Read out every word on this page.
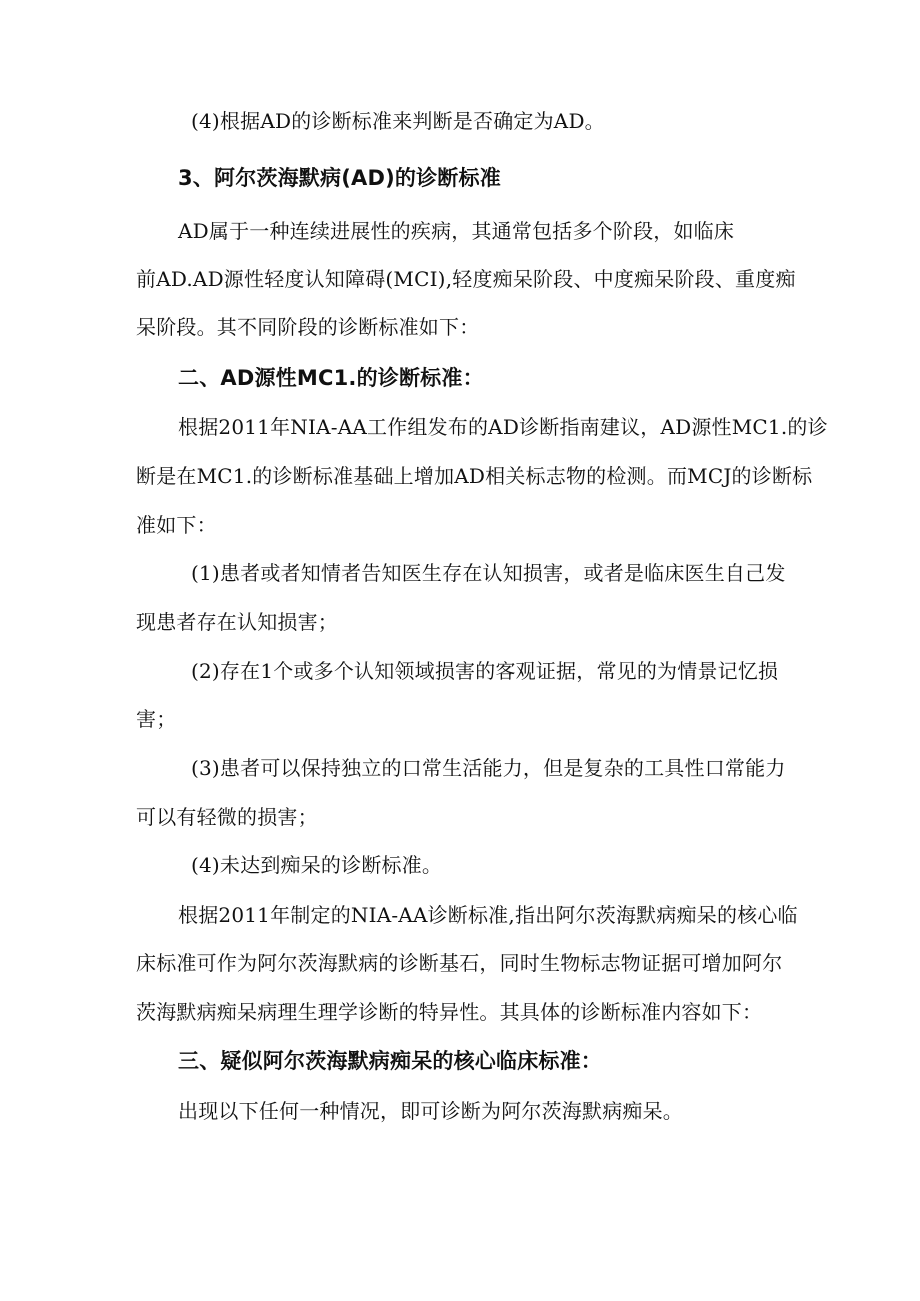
(4)根据AD的诊断标准来判断是否确定为AD。
3、阿尔茨海默病(AD)的诊断标准
AD属于一种连续进展性的疾病，其通常包括多个阶段，如临床
前AD.AD源性轻度认知障碍(MCI),轻度痴呆阶段、中度痴呆阶段、重度痴
呆阶段。其不同阶段的诊断标准如下：
二、AD源性MC1.的诊断标准：
根据2011年NIA-AA工作组发布的AD诊断指南建议，AD源性MC1.的诊
断是在MC1.的诊断标准基础上增加AD相关标志物的检测。而MCJ的诊断标
准如下：
(1)患者或者知情者告知医生存在认知损害，或者是临床医生自己发
现患者存在认知损害；
(2)存在1个或多个认知领域损害的客观证据，常见的为情景记忆损
害；
(3)患者可以保持独立的口常生活能力，但是复杂的工具性口常能力
可以有轻微的损害；
(4)未达到痴呆的诊断标准。
根据2011年制定的NIA-AA诊断标准,指出阿尔茨海默病痴呆的核心临
床标准可作为阿尔茨海默病的诊断基石，同时生物标志物证据可增加阿尔
茨海默病痴呆病理生理学诊断的特异性。其具体的诊断标准内容如下：
三、疑似阿尔茨海默病痴呆的核心临床标准：
出现以下任何一种情况，即可诊断为阿尔茨海默病痴呆。
